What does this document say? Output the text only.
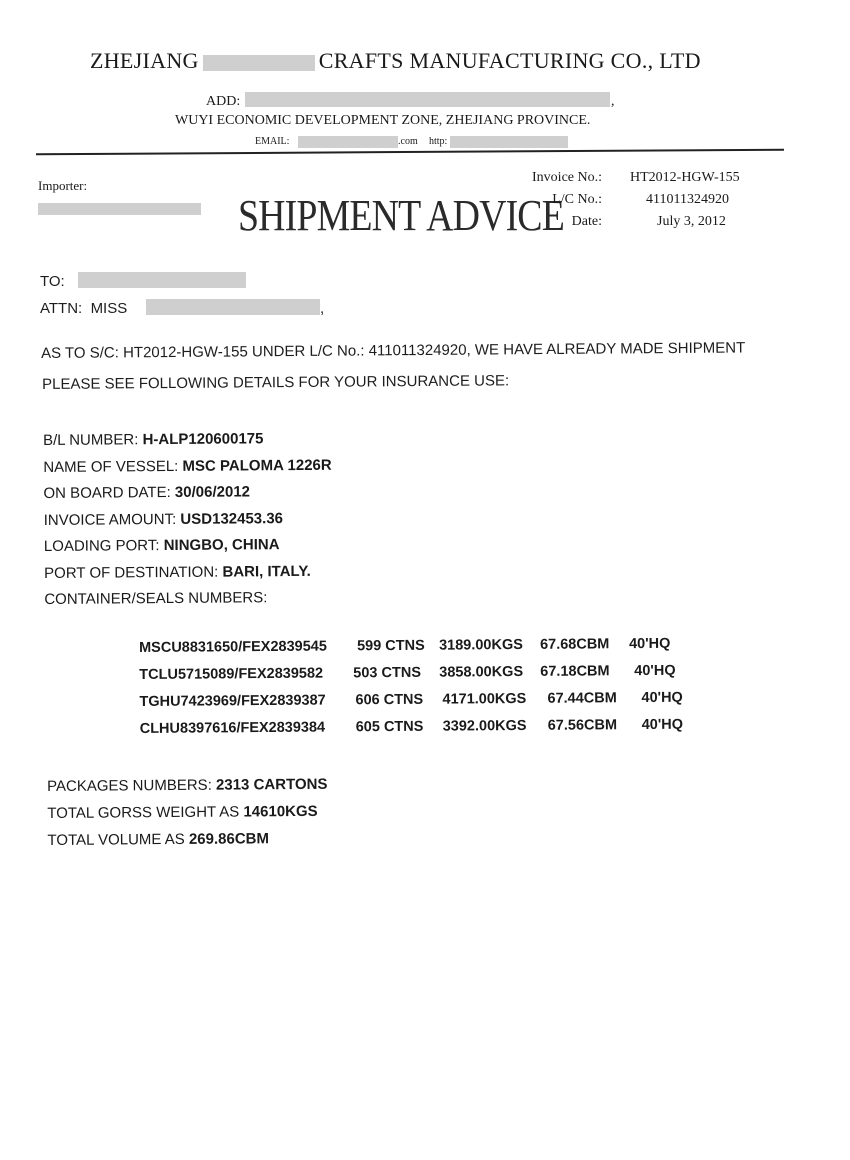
ZHEJIANG	CRAFTS MANUFACTURING CO., LTD
ADD:	,
WUYI ECONOMIC DEVELOPMENT ZONE, ZHEJIANG PROVINCE.
EMAIL:	.com http:
Importer:
SHIPMENT ADVICE
Invoice No.: HT2012-HGW-155
L/C No.:	411011324920
Date:	July 3, 2012
TO:
ATTN: MISS	,
AS TO S/C: HT2012-HGW-155 UNDER L/C No.: 411011324920, WE HAVE ALREADY MADE SHIPMENT
PLEASE SEE FOLLOWING DETAILS FOR YOUR INSURANCE USE:
B/L NUMBER: H-ALP120600175
NAME OF VESSEL: MSC PALOMA 1226R
ON BOARD DATE: 30/06/2012
INVOICE AMOUNT: USD132453.36
LOADING PORT: NINGBO, CHINA
PORT OF DESTINATION: BARI, ITALY.
CONTAINER/SEALS NUMBERS:
MSCU8831650/FEX2839545 599 CTNS 3189.00KGS 67.68CBM 40'HQ
TCLU5715089/FEX2839582 503 CTNS 3858.00KGS 67.18CBM 40'HQ
TGHU7423969/FEX2839387 606 CTNS 4171.00KGS 67.44CBM 40'HQ
CLHU8397616/FEX2839384 605 CTNS 3392.00KGS 67.56CBM 40'HQ
PACKAGES NUMBERS: 2313 CARTONS
TOTAL GORSS WEIGHT AS 14610KGS
TOTAL VOLUME AS 269.86CBM
